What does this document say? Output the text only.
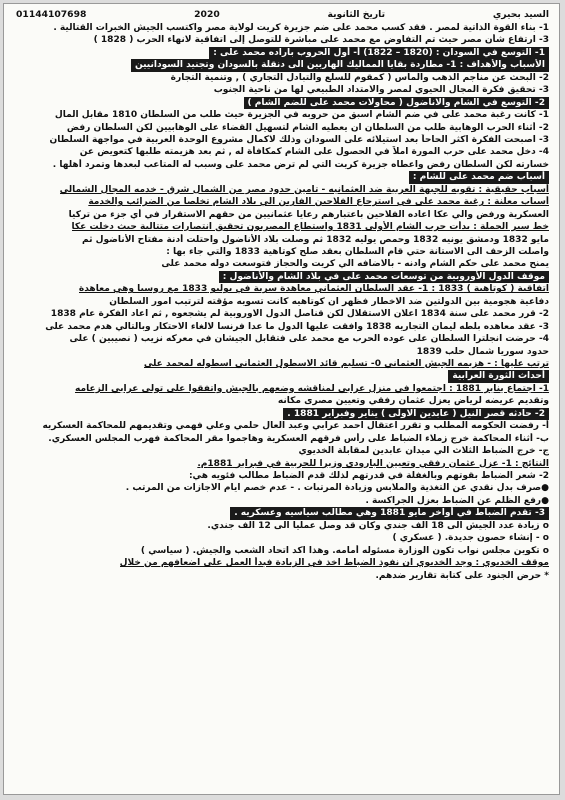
السيد بحيري
تاريخ الثانوية
2020
01144107698
1- بناء القوة الذاتية لمصر . فقد كسب محمد على ضم جزيرة كريت لولاية مصر واكتسب الجيش الخبرات القتالية .
3- ارتفاع شأن مصر حيث تم التفاوض مع محمد على مباشرة للتوصل إلى اتفاقية لانهاء الحرب ( 1828 )
1- التوسع في السودان : (1820 – 1822) أ- أول الحروب باراده محمد على :
الأسباب والأهداف : 1- مطاردة بقايا المماليك الهاربين الى دنقلة بالسودان وتجنيد السودانيين
2- البحث عن مناجم الذهب والماس ( كمقوم للسلع والتبادل التجاري ) , وتنمية التجارة
3- تحقيق فكرة المجال الحيوي لمصر والامتداد الطبيعي لها من ناحية الجنوب
2- التوسع في الشام والاناضول ( محاولات محمد على للضم الشام )
1- كانت رغبة محمد على في ضم الشام اسبق من حروبه في الجزيرة حيث طلب من السلطان 1810 مقابل المال
2- أثناء الحرب الوهابية طلب من السلطان ان يعطيه الشام لتسهيل القضاء على الوهابيين لكن السلطان رفض
3- اصبحت الفكرة اكثر الحاحاً بعد استيلائه على السودان وذلك لاكمال مشروع الوحدة العربية في مواجهة السلطان
4- دخل محمد على حرب المورة املاً في الحصول على الشام كمكافأة له , ثم بعد هزيمته طلبها كتعويض عن
خسارته لكن السلطان رفض واعطاه جزيرة كريت التي لم ترض محمد على وسبب له المتاعب لبعدها وتمرد أهلها .
أسباب ضم محمد على للشام :
أسباب حقيقية : تقويه للجبهة العربية ضد العثمانيه - تامين حدود مصر من الشمال شرق - خدمه المجال الشمالي
أسباب معلنة : رغبة محمد على في استرجاع الفلاحين الفارين الي بلاد الشام تخلصا من الضرائب والخدمة
العسكرية ورفض والي عكا اعاده الفلاحين باعتبارهم رعايا عثمانيين من حقهم الاستقرار في أي جزء من تركيا
خط سير الحملة : بدأت حرب الشام الأولى 1831 واستطاع المصريون تحقيق انتصارات متتالية حيث دخلت عكا
مايو 1832 ودمشق يونيه 1832 وحمص يوليه 1832 ثم وصلت بلاد الأناضول واحتلت أدنة مفتاح الأناضول ثم
واصلت الزحف الى الاستانة حتي قام السلطان بعقد صلح كوتاهية 1833 والتي جاء بها :
يمنح محمد على حكم الشام وادنه - بالاضافه الي كريت والحجاز فتوسعت دوله محمد على
موقف الدول الأوروبية من توسعات محمد على في بلاد الشام والأناضول :
اتفاقية ( كوتاهية ) 1833 : 1- عقد السلطان العثماني معاهدة سرية في يوليو 1833 مع روسيا وهي معاهدة
دفاعية هجومية بين الدولتين ضد الاخطار فظهر ان كوتاهيه كانت تسويه مؤقته لترتيب امور السلطان
2- قرر محمد على سنة 1834 اعلان الاستقلال لكن قناصل الدول الاوروبية لم يشجعوه , ثم اعاد الفكرة عام 1838
3- عقد معاهده بلطه ليمان التجاريه 1838 وافقت عليها الدول ما عدا فرنسا لالغاء الاحتكار وبالتالي هدم محمد على
4- حرضت انجلترا السلطان على عوده الحرب مع محمد على فتقابل الجيشان في معركه نزيب ( نصيبين ) على
حدود سوريا شمال حلب 1839
ترتب عليها : - هزيمه الجيش العثماني 0- تسليم قائد الاسطول العثماني اسطوله لمحمد على
أحداث الثورة العرابية
1- اجتماع يناير 1881 : اجتمعوا في منزل عرابي لمناقشه وضعهم بالجيش واتفقوا على تولى عرابي الزعامه
وتقديم عريضه لرياض يعزل عثمان رفقي وتعيين مصرى مكانه
2- حادثه قصر النيل ( عابدين الاولى ) يناير وفبراير 1881 .
أ- رفضت الحكومه المطلب و تقرر اعتقال احمد عرابي وعبد العال حلمي وعلي فهمي وتقديمهم للمحاكمة العسكريه
ب- أثناء المحاكمة خرج زملاء الضباط على رأس فرقهم العسكرية وهاجموا مقر المحاكمة فهرب المجلس العسكري.
ج- خرج الضباط الثلاث الي ميدان عابدين لمقابلة الخديوي
النتائج : 1- عزل عثمان رفقي وتعيين البارودي وزيرا للحربية في فبراير 1881م.
2- شعر الضباط بقوتهم وبالغفلة في قدرتهم لذلك قدم الضباط مطالب فئويه هي:
●صرف بدل نقدي عن التغذية والملابس وزيادة المرتبات . - عدم خصم ايام الاجازات من المرتب .
●رفع الظلم عن الضباط بعزل الجراكسة .
3- تقدم الضباط في أواخر مايو 1881 وهي مطالب سياسيه وعسكريه .
o زيادة عدد الجيش الى 18 الف جندي وكان قد وصل عمليا الى 12 الف جندي.
o - إنشاء حصون جديدة. ( عسكري )
o تكوين مجلس نواب تكون الوزارة مسئوله أمامه. وهذا اكد اتحاد الشعب والجيش. ( سياسي )
موقف الخديوي : وجد الخديوي ان نفوذ الضباط اخذ في الزيادة فبدأ العمل على اضعافهم من خلال
* حرض الجنود على كتابة تقارير ضدهم.
